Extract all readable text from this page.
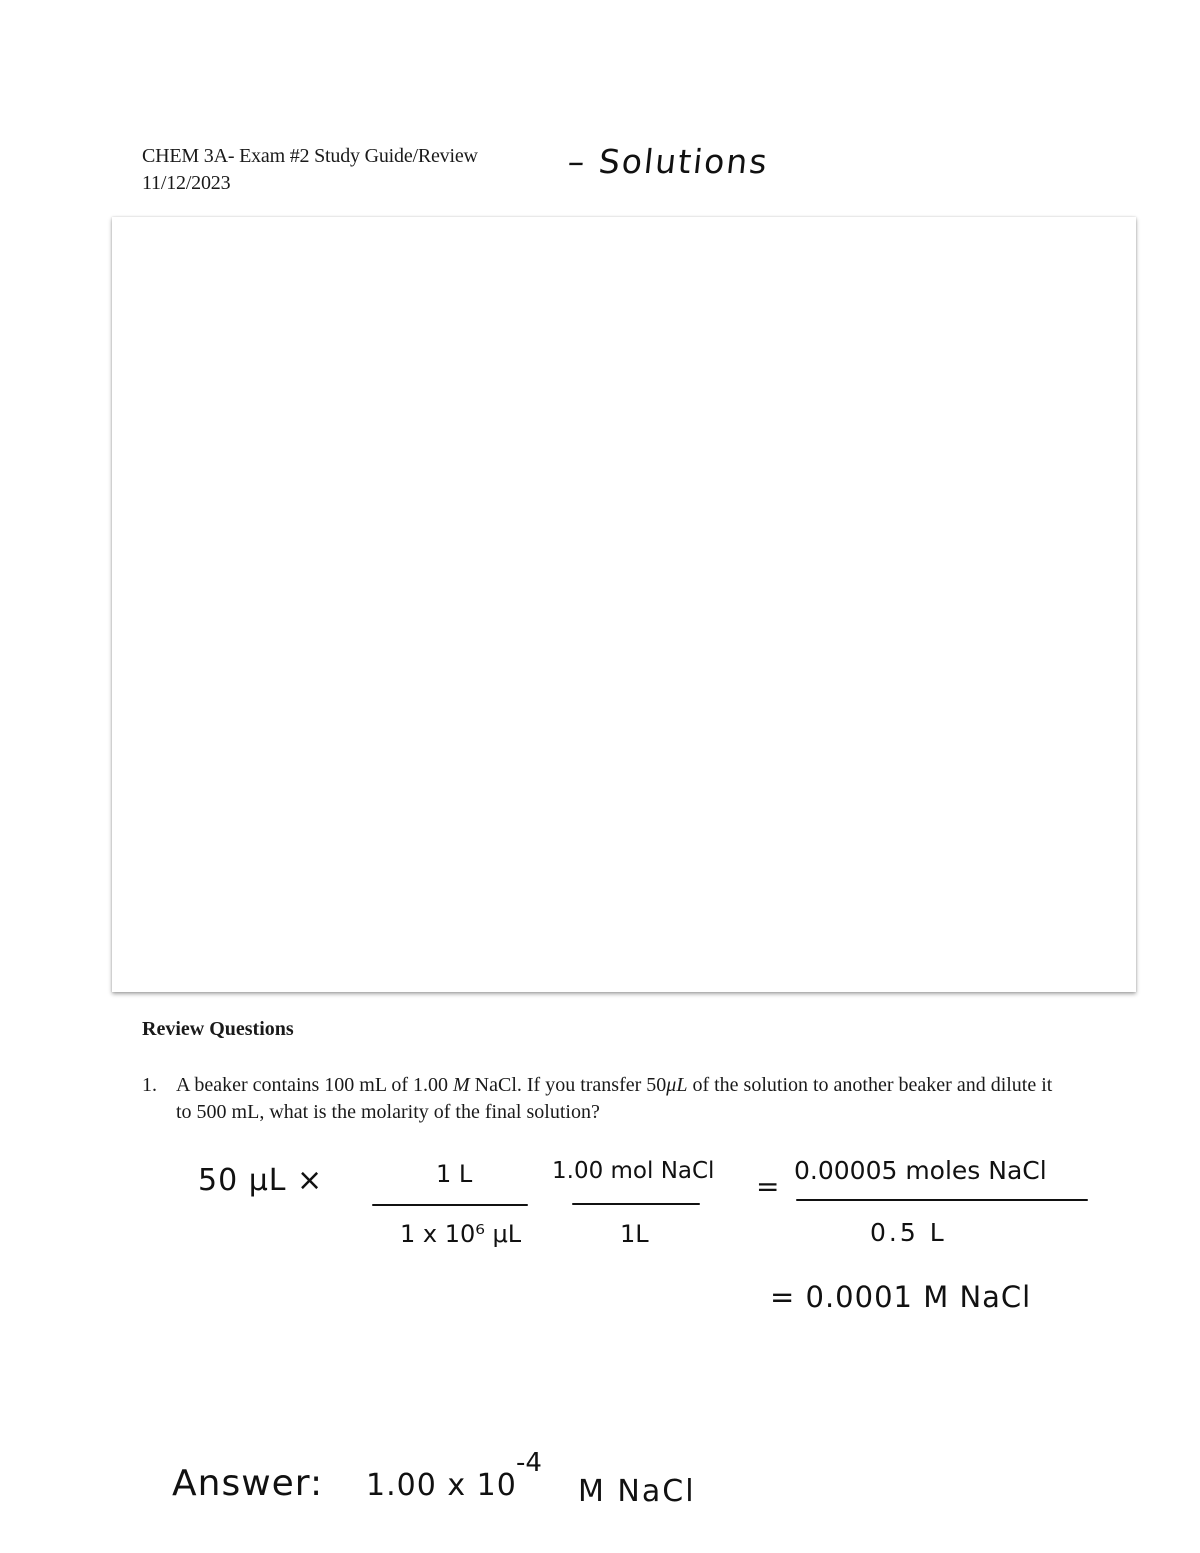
CHEM 3A- Exam #2 Study Guide/Review
11/12/2023
– Solutions
Review Questions
1. A beaker contains 100 mL of 1.00 M NaCl. If you transfer 50μL of the solution to another beaker and dilute it to 500 mL, what is the molarity of the final solution?
50 μL ×	1 L
1 x 10⁶ μL
1.00 mol NaCl
1L
= 0.00005 moles NaCl
0.5 L
= 0.0001 M NaCl
Answer: 1.00 x 10
-4
M NaCl
